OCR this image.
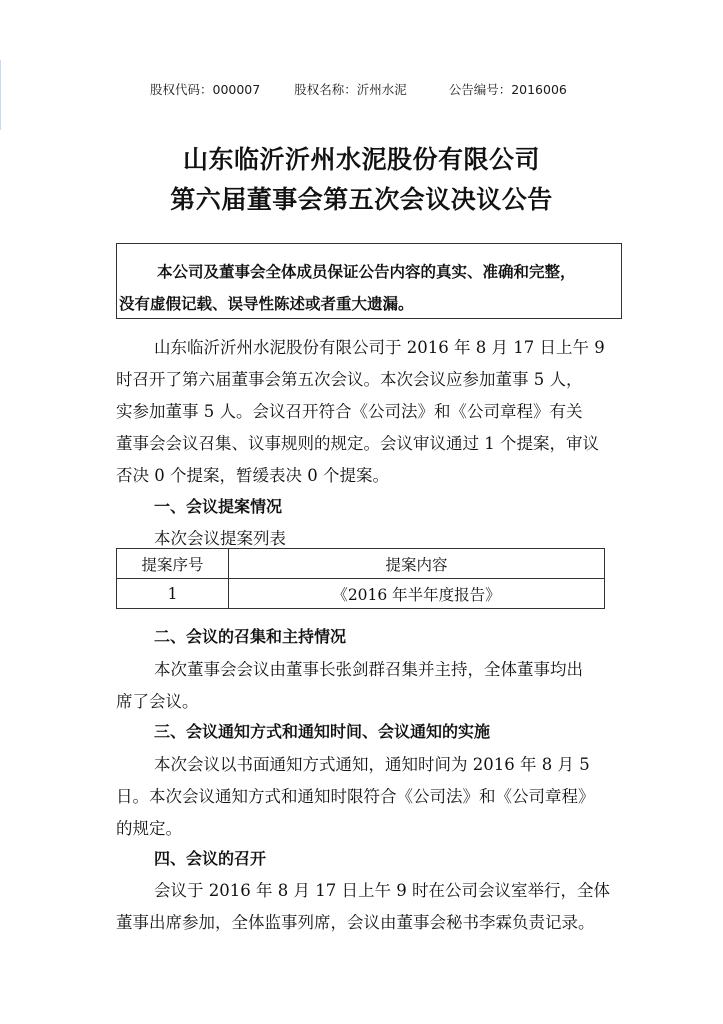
股权代码：000007	股权名称：沂州水泥	公告编号：2016006
山东临沂沂州水泥股份有限公司
第六届董事会第五次会议决议公告
本公司及董事会全体成员保证公告内容的真实、准确和完整，
没有虚假记载、误导性陈述或者重大遗漏。
山东临沂沂州水泥股份有限公司于 2016 年 8 月 17 日上午 9
时召开了第六届董事会第五次会议。本次会议应参加董事 5 人，
实参加董事 5 人。会议召开符合《公司法》和《公司章程》有关
董事会会议召集、议事规则的规定。会议审议通过 1 个提案，审议
否决 0 个提案，暂缓表决 0 个提案。
一、会议提案情况
本次会议提案列表
提案序号	提案内容
1	《2016 年半年度报告》
二、会议的召集和主持情况
本次董事会会议由董事长张剑群召集并主持，全体董事均出
席了会议。
三、会议通知方式和通知时间、会议通知的实施
本次会议以书面通知方式通知，通知时间为 2016 年 8 月 5
日。本次会议通知方式和通知时限符合《公司法》和《公司章程》
的规定。
四、会议的召开
会议于 2016 年 8 月 17 日上午 9 时在公司会议室举行，全体
董事出席参加，全体监事列席，会议由董事会秘书李霖负责记录。
